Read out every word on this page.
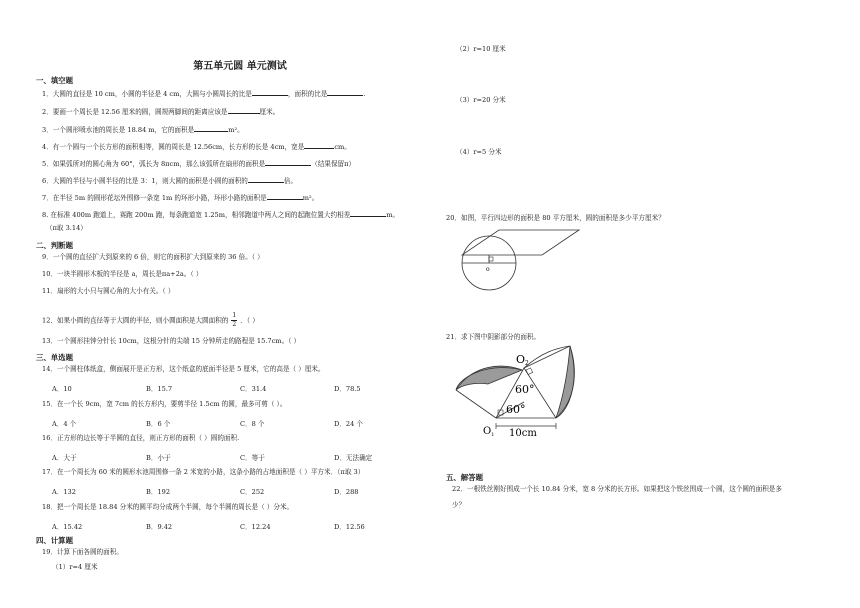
第五单元圆 单元测试
一、填空题
1．大圆的直径是 10 cm，小圆的半径是 4 cm，大圆与小圆周长的比是	，面积的比是	.
2．要画一个周长是 12.56 厘米的圆，圆规两脚间的距离应该是	厘米。
3．一个圆形喷水池的周长是 18.84 m，它的面积是	m²。
4．有一个圆与一个长方形的面积相等，圆的周长是 12.56cm，长方形的长是 4cm，宽是	cm。
5．如果弧所对的圆心角为 60°，弧长为 8πcm，那么该弧所在扇形的面积是	（结果保留π）
6．大圆的半径与小圆半径的比是 3：1，则大圆的面积是小圆的面积的	倍。
7．在半径 5m 的圆形花坛外围修一条宽 1m 的环形小路，环形小路的面积是	m²。
8. 在标准 400m 跑道上，赛跑 200m 跑，每条跑道宽 1.25m，相邻跑道中两人之间的起跑位置大约相差	m。
（π取 3.14）
二、判断题
9．一个圆的直径扩大到原来的 6 倍，则它的面积扩大到原来的 36 倍。（ ）
10．一块半圆形木板的半径是 a，周长是πa+2a。（ ）
11．扇形的大小只与圆心角的大小有关。（ ）
12．如果小圆的直径等于大圆的半径，则小圆面积是大圆面积的 $\frac{1}{2}$ ．（ ）
13．一个圆形挂钟分针长 10cm，这根分针的尖端 15 分钟所走的路程是 15.7cm。（ ）
三、单选题
14．一个圆柱体纸盒，侧面展开是正方形，这个纸盒的底面半径是 5 厘米，它的高是（ ）厘米。
A．10	B．15.7	C．31.4	D．78.5
15．在一个长 9cm，宽 7cm 的长方形内，要剪半径 1.5cm 的圆，最多可剪（ ）。
A．4 个	B．6 个	C．8 个	D．24 个
16．正方形的边长等于半圆的直径，则正方形的面积（ ）圆的面积.
A．大于	B．小于	C．等于	D．无法确定
17．在一个周长为 60 米的圆形水池周围修一条 2 米宽的小路，这条小路的占地面积是（ ）平方米．（π取 3）
A．132	B．192	C．252	D．288
18．把一个周长是 18.84 分米的圆平均分成两个半圆，每个半圆的周长是（ ）分米。
A．15.42	B．9.42	C．12.24	D．12.56
四、计算题
19．计算下面各圆的面积。
（1）r=4 厘米
（2）r=10 厘米
（3）r=20 分米
（4）r=5 分米
20．如图，平行四边形的面积是 80 平方厘米，圆的面积是多少平方厘米？
o
21．求下图中阴影部分的面积。
O2
$O_1$
60°
60°
10cm
五、解答题
22．一根铁丝刚好围成一个长 10.84 分米，宽 8 分米的长方形。如果把这个铁丝围成一个圆，这个圆的面积是多
少？
